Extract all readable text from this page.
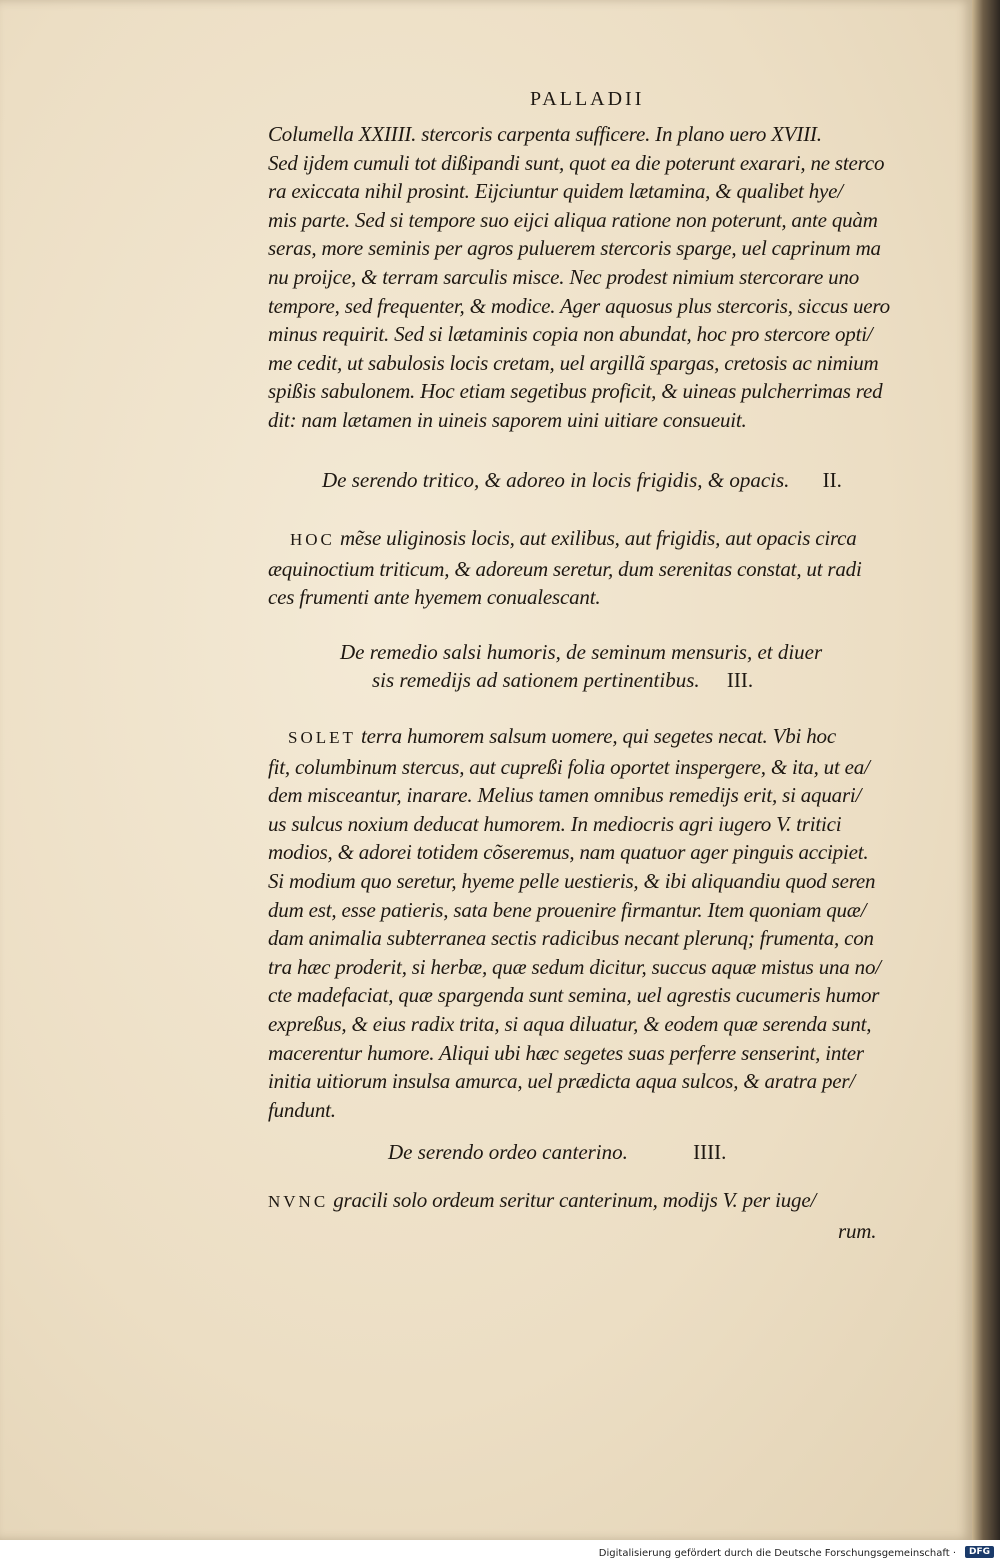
PALLADII
Columella XXIIII. stercoris carpenta sufficere. In plano uero XVIII.
Sed ijdem cumuli tot dißipandi sunt, quot ea die poterunt exarari, ne sterco
ra exiccata nihil prosint. Eijciuntur quidem lætamina, & qualibet hye/
mis parte. Sed si tempore suo eijci aliqua ratione non poterunt, ante quàm
seras, more seminis per agros puluerem stercoris sparge, uel caprinum ma
nu proijce, & terram sarculis misce. Nec prodest nimium stercorare uno
tempore, sed frequenter, & modice. Ager aquosus plus stercoris, siccus uero
minus requirit. Sed si lætaminis copia non abundat, hoc pro stercore opti/
me cedit, ut sabulosis locis cretam, uel argillã spargas, cretosis ac nimium
spißis sabulonem. Hoc etiam segetibus proficit, & uineas pulcherrimas red
dit: nam lætamen in uineis saporem uini uitiare consueuit.
De serendo tritico, & adoreo in locis frigidis, & opacis. II.
HOC mẽse uliginosis locis, aut exilibus, aut frigidis, aut opacis circa
æquinoctium triticum, & adoreum seretur, dum serenitas constat, ut radi
ces frumenti ante hyemem conualescant.
De remedio salsi humoris, de seminum mensuris, et diuer
sis remedijs ad sationem pertinentibus. III.
SOLET terra humorem salsum uomere, qui segetes necat. Vbi hoc
fit, columbinum stercus, aut cupreßi folia oportet inspergere, & ita, ut ea/
dem misceantur, inarare. Melius tamen omnibus remedijs erit, si aquari/
us sulcus noxium deducat humorem. In mediocris agri iugero V. tritici
modios, & adorei totidem cõseremus, nam quatuor ager pinguis accipiet.
Si modium quo seretur, hyeme pelle uestieris, & ibi aliquandiu quod seren
dum est, esse patieris, sata bene prouenire firmantur. Item quoniam quæ/
dam animalia subterranea sectis radicibus necant plerunq; frumenta, con
tra hæc proderit, si herbæ, quæ sedum dicitur, succus aquæ mistus una no/
cte madefaciat, quæ spargenda sunt semina, uel agrestis cucumeris humor
expreßus, & eius radix trita, si aqua diluatur, & eodem quæ serenda sunt,
macerentur humore. Aliqui ubi hæc segetes suas perferre senserint, inter
initia uitiorum insulsa amurca, uel prædicta aqua sulcos, & aratra per/
fundunt.
De serendo ordeo canterino.	IIII.
NVNC gracili solo ordeum seritur canterinum, modijs V. per iuge/
rum.
Digitalisierung gefördert durch die Deutsche Forschungsgemeinschaft ·	DFG
